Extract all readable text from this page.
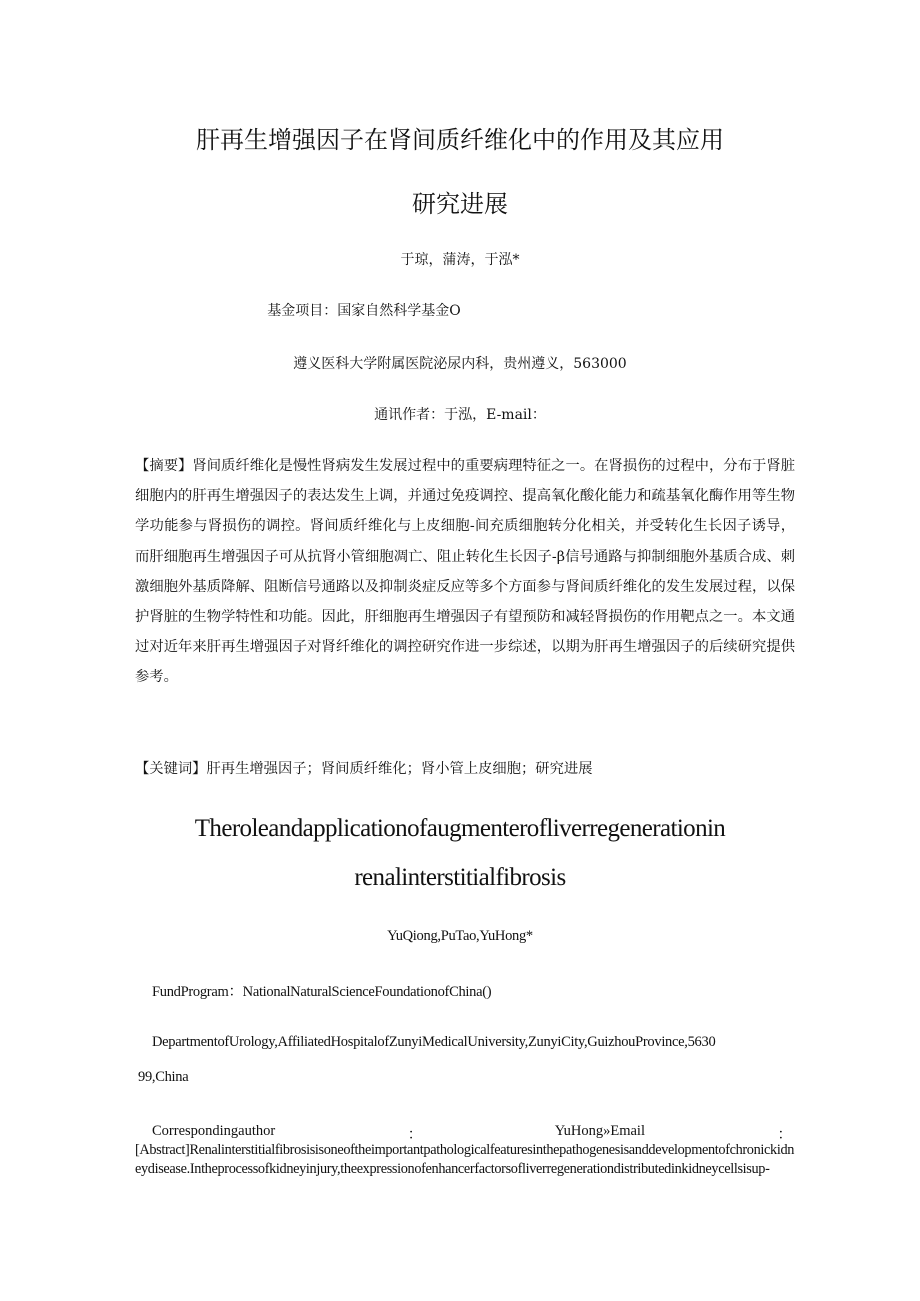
肝再生增强因子在肾间质纤维化中的作用及其应用
研究进展
于琼，蒲涛，于泓*
基金项目：国家自然科学基金O
遵义医科大学附属医院泌尿内科，贵州遵义，563000
通讯作者：于泓，E-mail：
【摘要】肾间质纤维化是慢性肾病发生发展过程中的重要病理特征之一。在肾损伤的过程中，分布于肾脏细胞内的肝再生增强因子的表达发生上调，并通过免疫调控、提高氧化酸化能力和疏基氧化酶作用等生物学功能参与肾损伤的调控。肾间质纤维化与上皮细胞-间充质细胞转分化相关，并受转化生长因子诱导，而肝细胞再生增强因子可从抗肾小管细胞凋亡、阻止转化生长因子-β信号通路与抑制细胞外基质合成、刺激细胞外基质降解、阻断信号通路以及抑制炎症反应等多个方面参与肾间质纤维化的发生发展过程，以保护肾脏的生物学特性和功能。因此，肝细胞再生增强因子有望预防和减轻肾损伤的作用靶点之一。本文通过对近年来肝再生增强因子对肾纤维化的调控研究作进一步综述，以期为肝再生增强因子的后续研究提供参考。
【关键词】肝再生增强因子；肾间质纤维化；肾小管上皮细胞；研究进展
Theroleandapplicationofaugmenterofliverregenerationin
renalinterstitialfibrosis
YuQiong,PuTao,YuHong*
FundProgram：NationalNaturalScienceFoundationofChina()
DepartmentofUrology,AffiliatedHospitalofZunyiMedicalUniversity,ZunyiCity,GuizhouProvince,5630
99,China
Correspondingauthor	：	YuHong»Email	：
[Abstract]Renalinterstitialfibrosisisoneoftheimportantpathologicalfeaturesinthepathogenesisanddevelopmentofchronickidneydisease.Intheprocessofkidneyinjury,theexpressionofenhancerfactorsofliverregenerationdistributedinkidneycellsisup-
